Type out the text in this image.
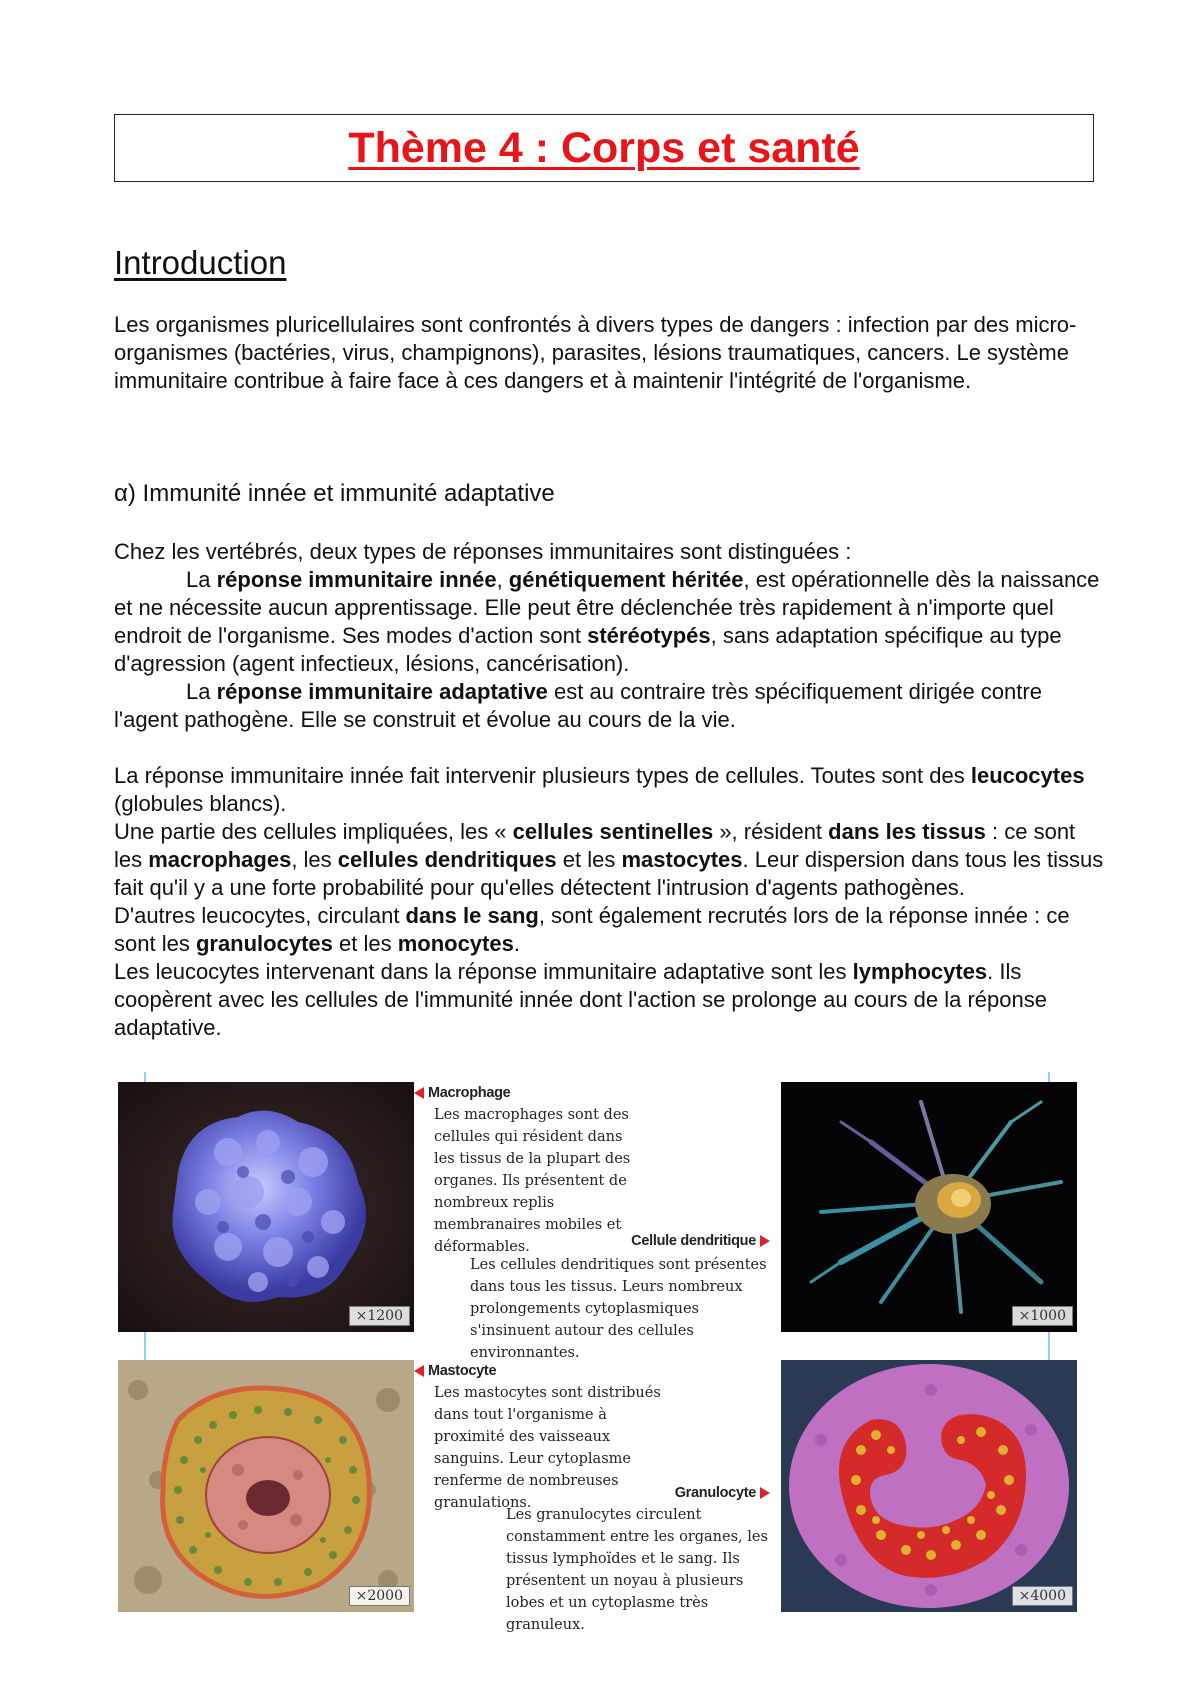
Thème 4 : Corps et santé
Introduction

Les organismes pluricellulaires sont confrontés à divers types de dangers : infection par des micro-organismes (bactéries, virus, champignons), parasites, lésions traumatiques, cancers. Le système immunitaire contribue à faire face à ces dangers et à maintenir l'intégrité de l'organisme.

α) Immunité innée et immunité adaptative

Chez les vertébrés, deux types de réponses immunitaires sont distinguées :

La réponse immunitaire innée, génétiquement héritée, est opérationnelle dès la naissance et ne nécessite aucun apprentissage. Elle peut être déclenchée très rapidement à n'importe quel endroit de l'organisme. Ses modes d'action sont stéréotypés, sans adaptation spécifique au type d'agression (agent infectieux, lésions, cancérisation).

La réponse immunitaire adaptative est au contraire très spécifiquement dirigée contre l'agent pathogène. Elle se construit et évolue au cours de la vie.

La réponse immunitaire innée fait intervenir plusieurs types de cellules. Toutes sont des leucocytes (globules blancs).

Une partie des cellules impliquées, les « cellules sentinelles », résident dans les tissus : ce sont les macrophages, les cellules dendritiques et les mastocytes. Leur dispersion dans tous les tissus fait qu'il y a une forte probabilité pour qu'elles détectent l'intrusion d'agents pathogènes.

D'autres leucocytes, circulant dans le sang, sont également recrutés lors de la réponse innée : ce sont les granulocytes et les monocytes.

Les leucocytes intervenant dans la réponse immunitaire adaptative sont les lymphocytes. Ils coopèrent avec les cellules de l'immunité innée dont l'action se prolonge au cours de la réponse adaptative.

×1200
Macrophage
Les macrophages sont des cellules qui résident dans les tissus de la plupart des organes. Ils présentent de nombreux replis membranaires mobiles et déformables.	Cellule dendritique
Les cellules dendritiques sont présentes dans tous les tissus. Leurs nombreux prolongements cytoplasmiques s'insinuent autour des cellules environnantes.
×1000
×2000
Mastocyte
Les mastocytes sont distribués dans tout l'organisme à proximité des vaisseaux sanguins. Leur cytoplasme renferme de nombreuses granulations.
Granulocyte
Les granulocytes circulent constamment entre les organes, les tissus lymphoïdes et le sang. Ils présentent un noyau à plusieurs lobes et un cytoplasme très granuleux.
×4000
